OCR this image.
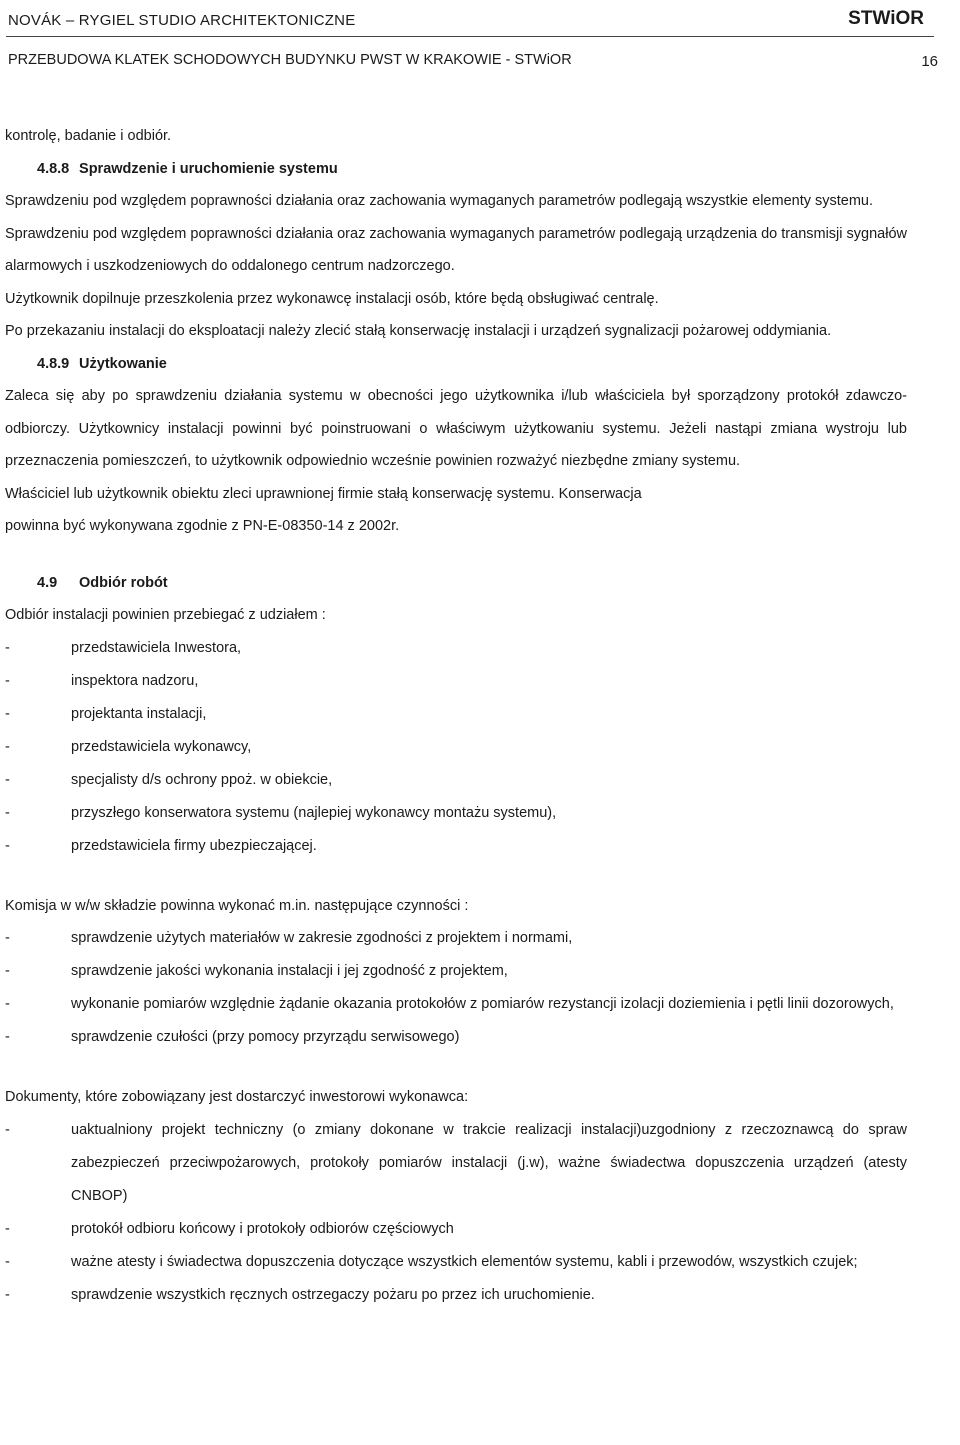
NOVÁK – RYGIEL STUDIO ARCHITEKTONICZNE	STWiOR
PRZEBUDOWA KLATEK SCHODOWYCH BUDYNKU PWST W KRAKOWIE - STWiOR	16

kontrolę, badanie i odbiór.

4.8.8 Sprawdzenie i uruchomienie systemu

Sprawdzeniu pod względem poprawności działania oraz zachowania wymaganych parametrów podlegają wszystkie elementy systemu.

Sprawdzeniu pod względem poprawności działania oraz zachowania wymaganych parametrów podlegają urządzenia do transmisji sygnałów alarmowych i uszkodzeniowych do oddalonego centrum nadzorczego.

Użytkownik dopilnuje przeszkolenia przez wykonawcę instalacji osób, które będą obsługiwać centralę.

Po przekazaniu instalacji do eksploatacji należy zlecić stałą konserwację instalacji i urządzeń sygnalizacji pożarowej oddymiania.

4.8.9 Użytkowanie

Zaleca się aby po sprawdzeniu działania systemu w obecności jego użytkownika i/lub właściciela był sporządzony protokół zdawczo-odbiorczy. Użytkownicy instalacji powinni być poinstruowani o właściwym użytkowaniu systemu. Jeżeli nastąpi zmiana wystroju lub przeznaczenia pomieszczeń, to użytkownik odpowiednio wcześnie powinien rozważyć niezbędne zmiany systemu.

Właściciel lub użytkownik obiektu zleci uprawnionej firmie stałą konserwację systemu. Konserwacja

powinna być wykonywana zgodnie z PN-E-08350-14 z 2002r.

4.9 Odbiór robót

Odbiór instalacji powinien przebiegać z udziałem :

-	przedstawiciela Inwestora,
-	inspektora nadzoru,
-	projektanta instalacji,
-	przedstawiciela wykonawcy,
-	specjalisty d/s ochrony ppoż. w obiekcie,
-	przyszłego konserwatora systemu (najlepiej wykonawcy montażu systemu),
-	przedstawiciela firmy ubezpieczającej.

Komisja w w/w składzie powinna wykonać m.in. następujące czynności :

-	sprawdzenie użytych materiałów w zakresie zgodności z projektem i normami,
-	sprawdzenie jakości wykonania instalacji i jej zgodność z projektem,
-	wykonanie pomiarów względnie żądanie okazania protokołów z pomiarów rezystancji izolacji doziemienia i pętli linii dozorowych,
-	sprawdzenie czułości (przy pomocy przyrządu serwisowego)

Dokumenty, które zobowiązany jest dostarczyć inwestorowi wykonawca:

-	uaktualniony projekt techniczny (o zmiany dokonane w trakcie realizacji instalacji)uzgodniony z rzeczoznawcą do spraw zabezpieczeń przeciwpożarowych, protokoły pomiarów instalacji (j.w), ważne świadectwa dopuszczenia urządzeń (atesty CNBOP)
-	protokół odbioru końcowy i protokoły odbiorów częściowych
-	ważne atesty i świadectwa dopuszczenia dotyczące wszystkich elementów systemu, kabli i przewodów, wszystkich czujek;
-	sprawdzenie wszystkich ręcznych ostrzegaczy pożaru po przez ich uruchomienie.
